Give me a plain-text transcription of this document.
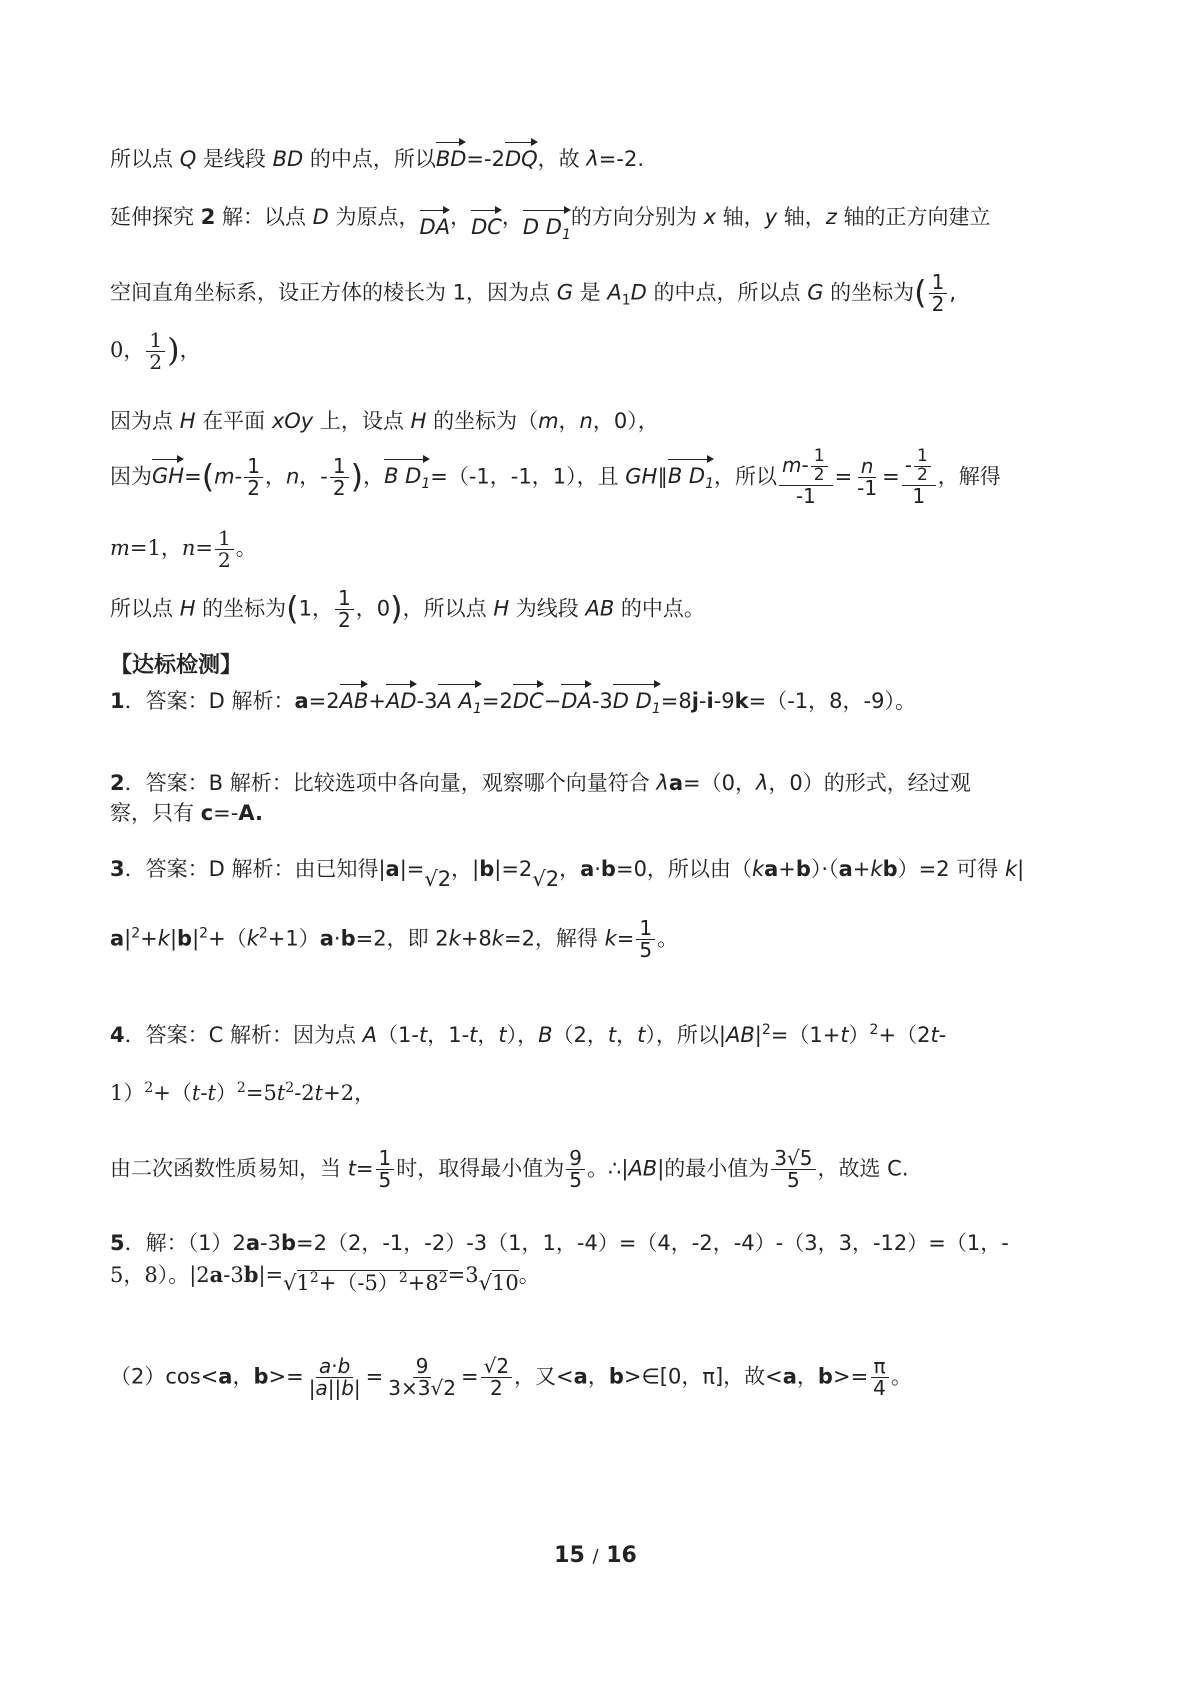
所以点 Q 是线段 BD 的中点，所以BD=-2DQ，故 λ=-2.
延伸探究 2 解：以点 D 为原点，DA，DC，D $D_1$的方向分别为 x 轴，y 轴，z 轴的正方向建立
空间直角坐标系，设正方体的棱长为 1，因为点 G 是 $A_1D$ 的中点，所以点 G 的坐标为( $\frac{1}{2}$ ,
0， $\frac{1}{2}$ )，
因为点 H 在平面 xOy 上，设点 H 的坐标为（m，n，0），
因为$GH=(m- \frac{1}{2}$ ，n，- $\frac{1}{2}$ )，B $D_1=(-1$，-1，1），且 GH∥B $D_1$，所以 $\frac{m- \frac{1}{2}}{-1} = \frac{n}{-1} = \frac{- \frac{1}{2}}{1}$ ，解得
m=1，$n= \frac{1}{2}$ 。
所以点 H 的坐标为(1， $\frac{1}{2}$ ，0)，所以点 H 为线段 AB 的中点。
【达标检测】
1．答案：D 解析：a=2AB+AD-3A $A_1=2DC-DA-3D$ $D_1=8j-i-9k=(-1$，8，-9）。
2．答案：B 解析：比较选项中各向量，观察哪个向量符合 λa=（0，λ，0）的形式，经过观
察，只有 c=-A.
3．答案：D 解析：由已知得|a|=√2，|b|=2√2，a·b=0，所以由（ka+b）·（a+kb）=2 可得 k|
$a|^2+k|b|^2+(k^2+1)a\cdot b=2$，即 2k+8k=2，解得 $k= \frac{1}{5}$ 。
4．答案：C 解析：因为点 A（1-t，1-t，t），B（2，t，t），所以$|AB|^2=(1+t)^2+(2t-$
$1)^2+(t-t)^2=5t^2-2t+2$，
由二次函数性质易知，当 $t= \frac{1}{5}$ 时，取得最小值为 $\frac{9}{5}$ 。∴|AB|的最小值为 $\frac{3√5}{5}$ ，故选 C.
5．解：（1）2a-3b=2（2，-1，-2）-3（1，1，-4）=（4，-2，-4）-（3，3，-12）=（1，-
5，8）。$|2a-3b|=√1^2+(-5)^2+8^2=3√10$。
（2）cos<a，$b>= \frac{a\cdot b}{|a||b|} = \frac{9}{3\times 3√2} = \frac{√2}{2}$ ，又<a，b>∈[0，π]，故<a，$b>= \frac{\pi}{4}$ 。
15 / 16
